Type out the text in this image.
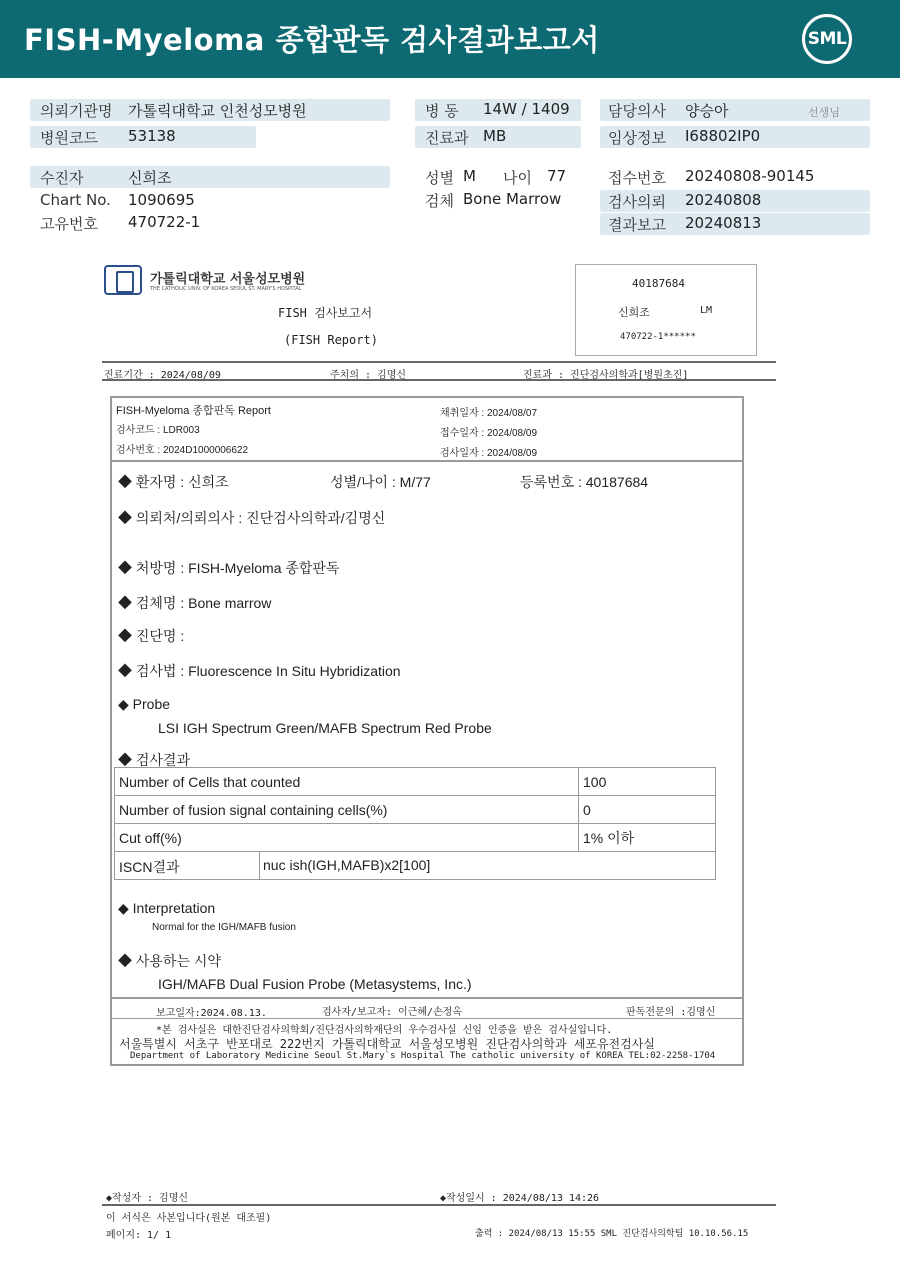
FISH-Myeloma 종합판독 검사결과보고서	SML
의뢰기관명 가톨릭대학교 인천성모병원	병 동 14W / 1409	담당의사 양승아	선생님
병원코드 53138	진료과 MB	임상정보 I68802IP0
수진자	신희조	성별 M 나이 77	접수번호 20240808-90145
Chart No. 1090695	검체 Bone Marrow	검사의뢰 20240808
고유번호 470722-1	결과보고 20240813
가톨릭대학교 서울성모병원
THE CATHOLIC UNIV. OF KOREA SEOUL ST. MARY'S HOSPITAL
FISH 검사보고서
(FISH Report)
40187684
신희조	LM
470722-1******
진료기간 : 2024/08/09	주치의 : 김명신	진료과 : 진단검사의학과[병원초진]
FISH-Myeloma 종합판독 Report
검사코드 : LDR003
검사번호 : 2024D1000006622
채취일자 : 2024/08/07
접수일자 : 2024/08/09
검사일자 : 2024/08/09
◆ 환자명 : 신희조	성별/나이 : M/77	등록번호 : 40187684
◆ 의뢰처/의뢰의사 : 진단검사의학과/김명신
◆ 처방명 : FISH-Myeloma 종합판독
◆ 검체명 : Bone marrow
◆ 진단명 :
◆ 검사법 : Fluorescence In Situ Hybridization
◆ Probe
LSI IGH Spectrum Green/MAFB Spectrum Red Probe
◆ 검사결과
Number of Cells that counted	100
Number of fusion signal containing cells(%)	0
Cut off(%)	1% 이하
ISCN결과	nuc ish(IGH,MAFB)x2[100]
◆ Interpretation
Normal for the IGH/MAFB fusion
◆ 사용하는 시약
IGH/MAFB Dual Fusion Probe (Metasystems, Inc.)
보고일자:2024.08.13.	검사자/보고자: 이근혜/손정옥	판독전문의 :김명신
*본 검사실은 대한진단검사의학회/진단검사의학재단의 우수검사실 신임 인증을 받은 검사실입니다.
서울특별시 서초구 반포대로 222번지 가톨릭대학교 서울성모병원 진단검사의학과 세포유전검사실
Department of Laboratory Medicine Seoul St.Mary`s Hospital The catholic university of KOREA TEL:02-2258-1704
◆작성자 : 김명신	◆작성일시 : 2024/08/13 14:26
이 서식은 사본입니다(원본 대조필)
페이지: 1/ 1	출력 : 2024/08/13 15:55 SML 진단검사의학팀 10.10.56.15
